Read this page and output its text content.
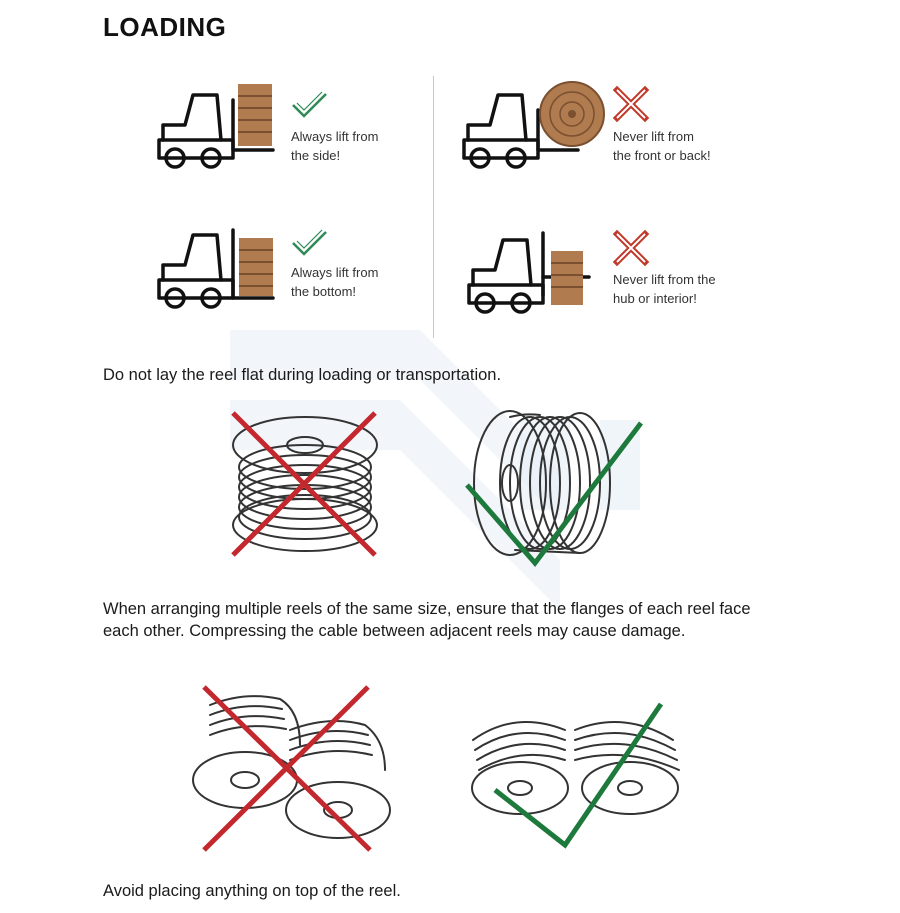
LOADING
Always lift from
the side!
Never lift from
the front or back!
Always lift from
the bottom!
Never lift from the
hub or interior!
Do not lay the reel flat during loading or transportation.
When arranging multiple reels of the same size, ensure that the flanges of each reel face each other. Compressing the cable between adjacent reels may cause damage.
Avoid placing anything on top of the reel.
